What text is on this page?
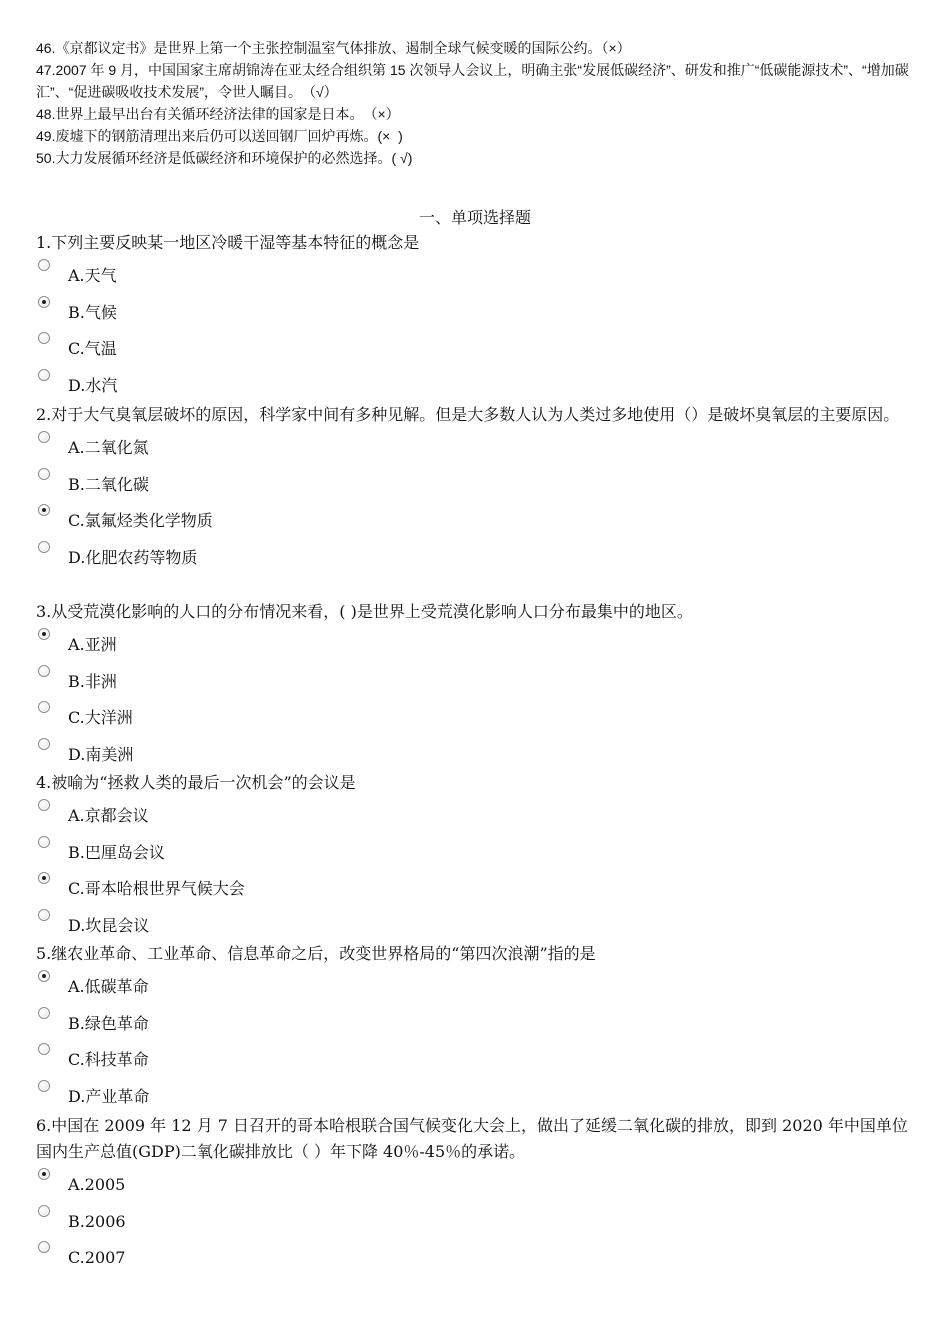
46.《京都议定书》是世界上第一个主张控制温室气体排放、遏制全球气候变暖的国际公约。（×）
47.2007 年 9 月，中国国家主席胡锦涛在亚太经合组织第 15 次领导人会议上，明确主张“发展低碳经济”、研发和推广“低碳能源技术”、“增加碳汇”、“促进碳吸收技术发展”，令世人瞩目。　（√）
48.世界上最早出台有关循环经济法律的国家是日本。　（×）
49.废墟下的钢筋清理出来后仍可以送回钢厂回炉再炼。(×  )
50.大力发展循环经济是低碳经济和环境保护的必然选择。( √)
一、单项选择题
1.下列主要反映某一地区冷暖干湿等基本特征的概念是
A.天气
B.气候
C.气温
D.水汽
2.对于大气臭氧层破坏的原因，科学家中间有多种见解。但是大多数人认为人类过多地使用（）是破坏臭氧层的主要原因。
A.二氧化氮
B.二氧化碳
C.氯氟烃类化学物质
D.化肥农药等物质
3.从受荒漠化影响的人口的分布情况来看，( )是世界上受荒漠化影响人口分布最集中的地区。
A.亚洲
B.非洲
C.大洋洲
D.南美洲
4.被喻为“拯救人类的最后一次机会”的会议是
A.京都会议
B.巴厘岛会议
C.哥本哈根世界气候大会
D.坎昆会议
5.继农业革命、工业革命、信息革命之后，改变世界格局的“第四次浪潮”指的是
A.低碳革命
B.绿色革命
C.科技革命
D.产业革命
6.中国在 2009 年 12 月 7 日召开的哥本哈根联合国气候变化大会上，做出了延缓二氧化碳的排放，即到 2020 年中国单位国内生产总值(GDP)二氧化碳排放比（ ）年下降 40％-45％的承诺。
A.2005
B.2006
C.2007
